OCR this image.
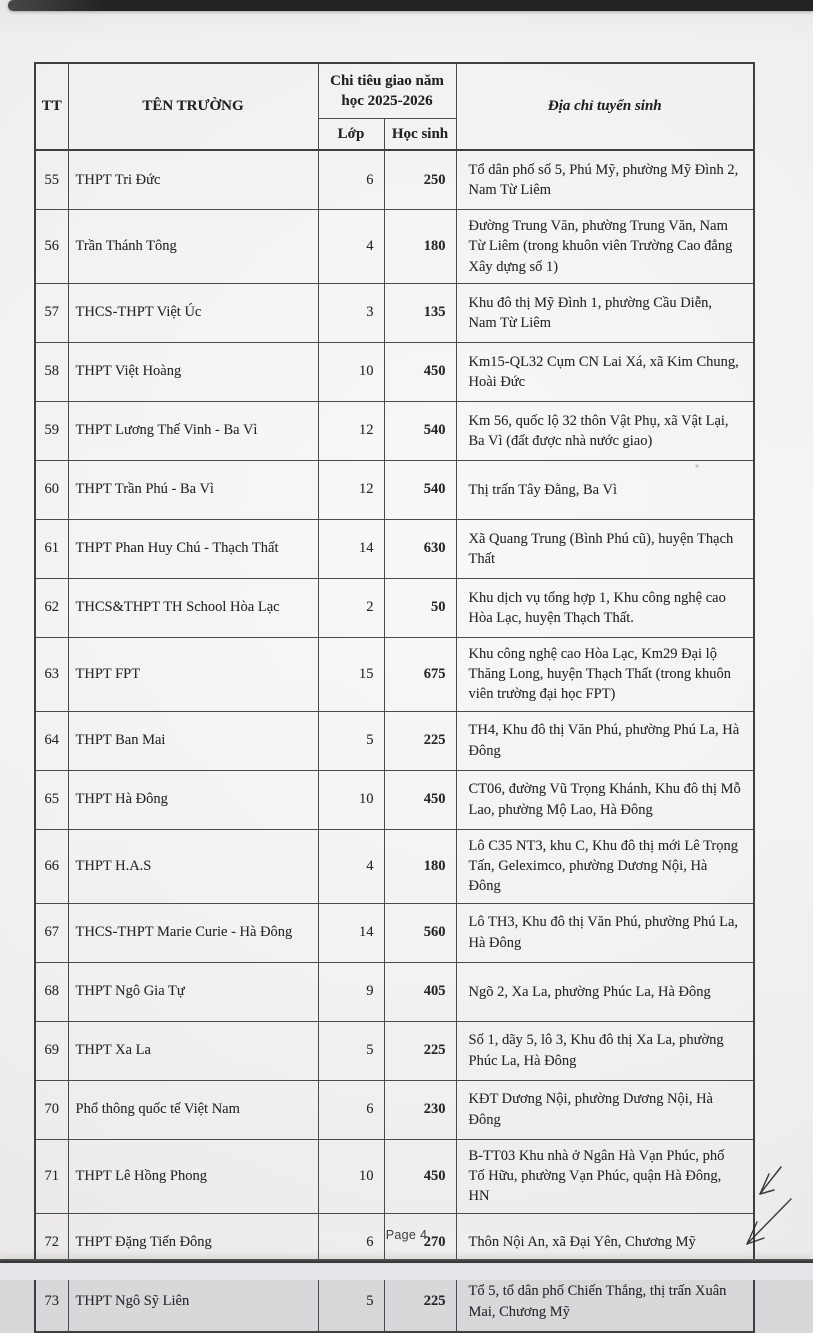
TT	TÊN TRƯỜNG	Chi tiêu giao năm học 2025-2026		Địa chỉ tuyển sinh
		Lớp	Học sinh	
55	THPT Tri Đức	6	250	Tổ dân phố số 5, Phú Mỹ, phường Mỹ Đình 2, Nam Từ Liêm
56	Trần Thánh Tông	4	180	Đường Trung Văn, phường Trung Văn, Nam Từ Liêm (trong khuôn viên Trường Cao đẳng Xây dựng số 1)
57	THCS-THPT Việt Úc	3	135	Khu đô thị Mỹ Đình 1, phường Cầu Diễn, Nam Từ Liêm
58	THPT Việt Hoàng	10	450	Km15-QL32 Cụm CN Lai Xá, xã Kim Chung, Hoài Đức
59	THPT Lương Thế Vinh - Ba Vì	12	540	Km 56, quốc lộ 32 thôn Vật Phụ, xã Vật Lại, Ba Vì (đất được nhà nước giao)
60	THPT Trần Phú - Ba Vì	12	540	Thị trấn Tây Đằng, Ba Vì
61	THPT Phan Huy Chú - Thạch Thất	14	630	Xã Quang Trung (Bình Phú cũ), huyện Thạch Thất
62	THCS&THPT TH School Hòa Lạc	2	50	Khu dịch vụ tổng hợp 1, Khu công nghệ cao Hòa Lạc, huyện Thạch Thất.
63	THPT FPT	15	675	Khu công nghệ cao Hòa Lạc, Km29 Đại lộ Thăng Long, huyện Thạch Thất (trong khuôn viên trường đại học FPT)
64	THPT Ban Mai	5	225	TH4, Khu đô thị Văn Phú, phường Phú La, Hà Đông
65	THPT Hà Đông	10	450	CT06, đường Vũ Trọng Khánh, Khu đô thị Mỗ Lao, phường Mộ Lao, Hà Đông
66	THPT H.A.S	4	180	Lô C35 NT3, khu C, Khu đô thị mới Lê Trọng Tấn, Geleximco, phường Dương Nội, Hà Đông
67	THCS-THPT Marie Curie - Hà Đông	14	560	Lô TH3, Khu đô thị Văn Phú, phường Phú La, Hà Đông
68	THPT Ngô Gia Tự	9	405	Ngõ 2, Xa La, phường Phúc La, Hà Đông
69	THPT Xa La	5	225	Số 1, dãy 5, lô 3, Khu đô thị Xa La, phường Phúc La, Hà Đông
70	Phổ thông quốc tế Việt Nam	6	230	KĐT Dương Nội, phường Dương Nội, Hà Đông
71	THPT Lê Hồng Phong	10	450	B-TT03 Khu nhà ở Ngân Hà Vạn Phúc, phố Tố Hữu, phường Vạn Phúc, quận Hà Đông, HN
72	THPT Đặng Tiến Đông	6	270	Thôn Nội An, xã Đại Yên, Chương Mỹ
73	THPT Ngô Sỹ Liên	5	225	Tổ 5, tổ dân phố Chiến Thắng, thị trấn Xuân Mai, Chương Mỹ
Page 4
